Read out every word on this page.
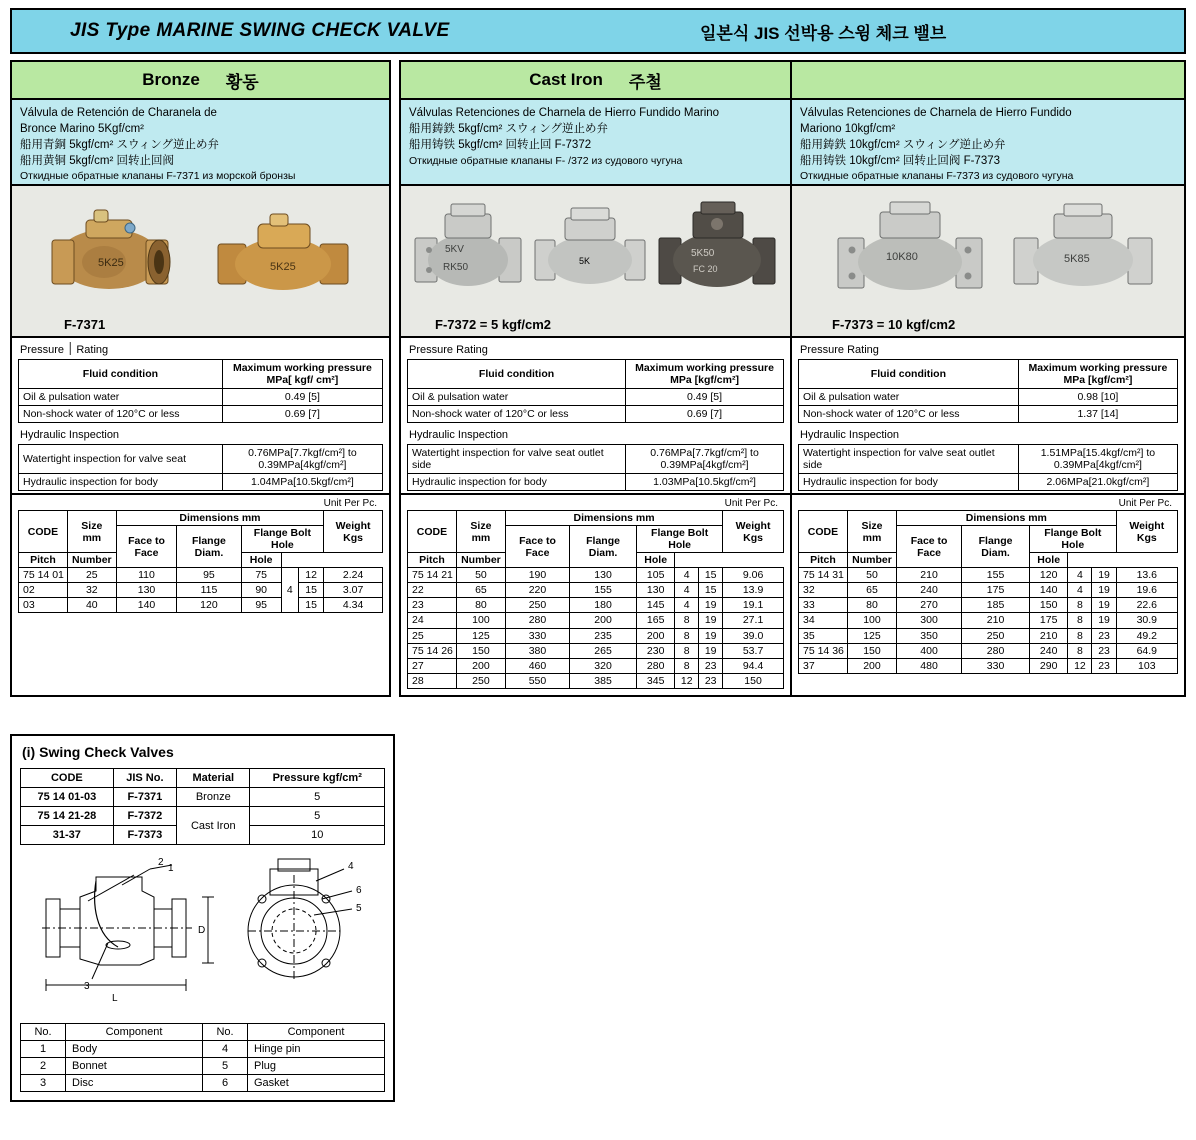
JIS Type MARINE SWING CHECK VALVE	일본식 JIS 선박용 스윙 체크 밸브
Bronze 황동
Válvula de Retención de Charanela de
Bronce Marino 5Kgf/cm²
船用青銅 5kgf/cm² スウィング逆止め弁
船用黄铜 5kgf/cm² 回转止回阀
Откидные обратные клапаны F-7371 из морской бронзы
5K25	5K25
F-7371
Pressure ׀ Rating
Fluid condition	Maximum working pressure MPa[ kgf/ cm²]
Oil & pulsation water	0.49 [5]
Non-shock water of 120°C or less	0.69 [7]
Hydraulic Inspection
Watertight inspection for valve seat	0.76MPa[7.7kgf/cm²] to 0.39MPa[4kgf/cm²]
Hydraulic inspection for body	1.04MPa[10.5kgf/cm²]
Unit Per Pc.
CODE	Size mm	Dimensions mm					Weight Kgs
		Face to Face	Flange Diam.	Flange Bolt Hole			
Pitch	Number			Hole			
75 14 01	25	110	95	75	4	12	2.24
02	32	130	115	90		15	3.07
03	40	140	120	95		15	4.34
Cast Iron 주철
Válvulas Retenciones de Charnela de Hierro Fundido Marino
船用鋳鉄 5kgf/cm² スウィング逆止め弁
船用铸铁 5kgf/cm² 回转止回 F-7372
Откидные обратные клапаны F- /372 из судового чугуна
5KV
RK50
5K
5K50
FC 20
F-7372 = 5 kgf/cm2
Pressure Rating
Fluid condition	Maximum working pressure MPa [kgf/cm²]
Oil & pulsation water	0.49 [5]
Non-shock water of 120°C or less	0.69 [7]
Hydraulic Inspection
Watertight inspection for valve seat outlet side	0.76MPa[7.7kgf/cm²] to 0.39MPa[4kgf/cm²]
Hydraulic inspection for body	1.03MPa[10.5kgf/cm²]
Unit Per Pc.
CODE	Size mm	Dimensions mm					Weight Kgs
		Face to Face	Flange Diam.	Flange Bolt Hole			
Pitch	Number			Hole			
75 14 21	50	190	130	105	4	15	9.06
22	65	220	155	130	4	15	13.9
23	80	250	180	145	4	19	19.1
24	100	280	200	165	8	19	27.1
25	125	330	235	200	8	19	39.0
75 14 26	150	380	265	230	8	19	53.7
27	200	460	320	280	8	23	94.4
28	250	550	385	345	12	23	150

Válvulas Retenciones de Charnela de Hierro Fundido
Mariono 10kgf/cm²
船用鋳鉄 10kgf/cm² スウィング逆止め弁
船用铸铁 10kgf/cm² 回转止回阀 F-7373
Откидные обратные клапаны F-7373 из судового чугуна
10K80	5K85
F-7373 = 10 kgf/cm2
Pressure Rating
Fluid condition	Maximum working pressure MPa [kgf/cm²]
Oil & pulsation water	0.98 [10]
Non-shock water of 120°C or less	1.37 [14]
Hydraulic Inspection
Watertight inspection for valve seat outlet side	1.51MPa[15.4kgf/cm²] to 0.39MPa[4kgf/cm²]
Hydraulic inspection for body	2.06MPa[21.0kgf/cm²]
Unit Per Pc.
CODE	Size mm	Dimensions mm					Weight Kgs
		Face to Face	Flange Diam.	Flange Bolt Hole			
Pitch	Number			Hole			
75 14 31	50	210	155	120	4	19	13.6
32	65	240	175	140	4	19	19.6
33	80	270	185	150	8	19	22.6
34	100	300	210	175	8	19	30.9
35	125	350	250	210	8	23	49.2
75 14 36	150	400	280	240	8	23	64.9
37	200	480	330	290	12	23	103
(i) Swing Check Valves
CODE	JIS No.	Material	Pressure kgf/cm²
75 14 01-03	F-7371	Bronze	5
75 14 21-28	F-7372	Cast Iron	5
31-37	F-7373		10
1
2
3
4
5
6
D
L
No.	Component	No.	Component
1	Body	4	Hinge pin
2	Bonnet	5	Plug
3	Disc	6	Gasket
